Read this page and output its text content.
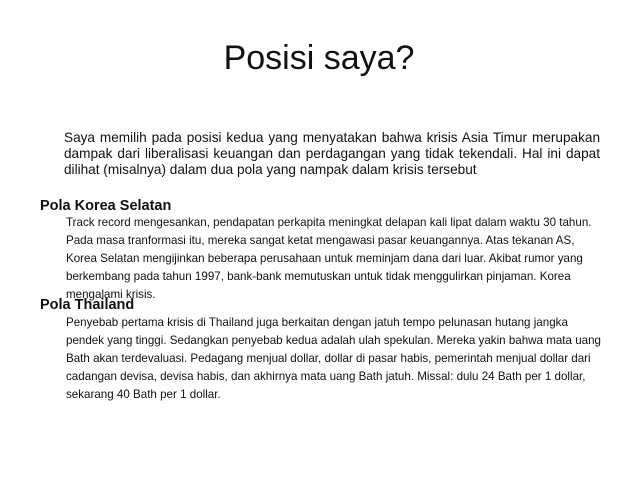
Posisi saya?

Saya memilih pada posisi kedua yang menyatakan bahwa krisis Asia Timur merupakan dampak dari liberalisasi keuangan dan perdagangan yang tidak tekendali. Hal ini dapat dilihat (misalnya) dalam dua pola yang nampak dalam krisis tersebut

Pola Korea Selatan

Track record mengesankan, pendapatan perkapita meningkat delapan kali lipat dalam waktu 30 tahun. Pada masa tranformasi itu, mereka sangat ketat mengawasi pasar keuangannya. Atas tekanan AS, Korea Selatan mengijinkan beberapa perusahaan untuk meminjam dana dari luar. Akibat rumor yang berkembang pada tahun 1997, bank-bank memutuskan untuk tidak menggulirkan pinjaman. Korea mengalami krisis.

Pola Thailand

Penyebab pertama krisis di Thailand juga berkaitan dengan jatuh tempo pelunasan hutang jangka pendek yang tinggi. Sedangkan penyebab kedua adalah ulah spekulan. Mereka yakin bahwa mata uang Bath akan terdevaluasi. Pedagang menjual dollar, dollar di pasar habis, pemerintah menjual dollar dari cadangan devisa, devisa habis, dan akhirnya mata uang Bath jatuh. Missal: dulu 24 Bath per 1 dollar, sekarang 40 Bath per 1 dollar.
